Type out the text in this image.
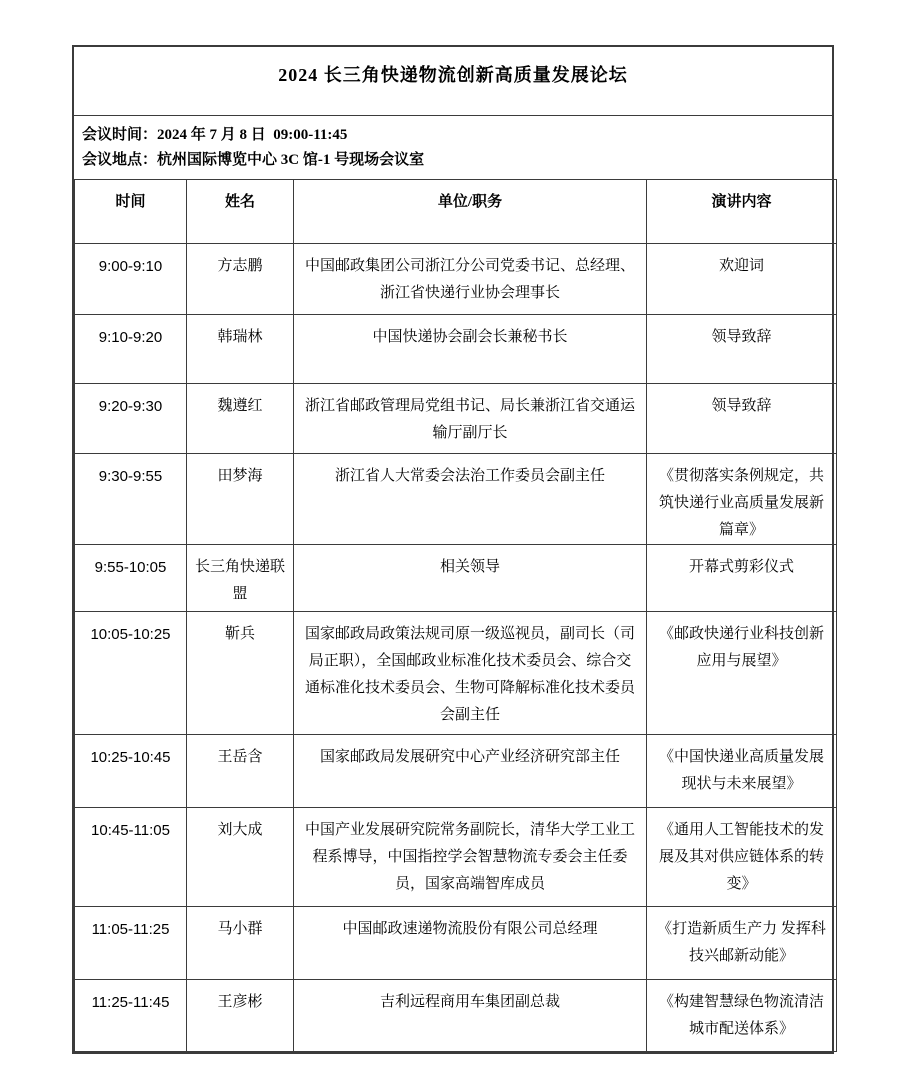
2024 长三角快递物流创新高质量发展论坛
会议时间：2024 年 7 月 8 日  09:00-11:45
会议地点：杭州国际博览中心 3C 馆-1 号现场会议室
时间	姓名	单位/职务	演讲内容
9:00-9:10	方志鹏	中国邮政集团公司浙江分公司党委书记、总经理、浙江省快递行业协会理事长	欢迎词
9:10-9:20	韩瑞林	中国快递协会副会长兼秘书长	领导致辞
9:20-9:30	魏遵红	浙江省邮政管理局党组书记、局长兼浙江省交通运输厅副厅长	领导致辞
9:30-9:55	田梦海	浙江省人大常委会法治工作委员会副主任	《贯彻落实条例规定，共筑快递行业高质量发展新篇章》
9:55-10:05	长三角快递联盟	相关领导	开幕式剪彩仪式
10:05-10:25	靳兵	国家邮政局政策法规司原一级巡视员，副司长（司局正职），全国邮政业标准化技术委员会、综合交通标准化技术委员会、生物可降解标准化技术委员会副主任	《邮政快递行业科技创新应用与展望》
10:25-10:45	王岳含	国家邮政局发展研究中心产业经济研究部主任	《中国快递业高质量发展现状与未来展望》
10:45-11:05	刘大成	中国产业发展研究院常务副院长，清华大学工业工程系博导，中国指控学会智慧物流专委会主任委员，国家高端智库成员	《通用人工智能技术的发展及其对供应链体系的转变》
11:05-11:25	马小群	中国邮政速递物流股份有限公司总经理	《打造新质生产力 发挥科技兴邮新动能》
11:25-11:45	王彦彬	吉利远程商用车集团副总裁	《构建智慧绿色物流清洁城市配送体系》
